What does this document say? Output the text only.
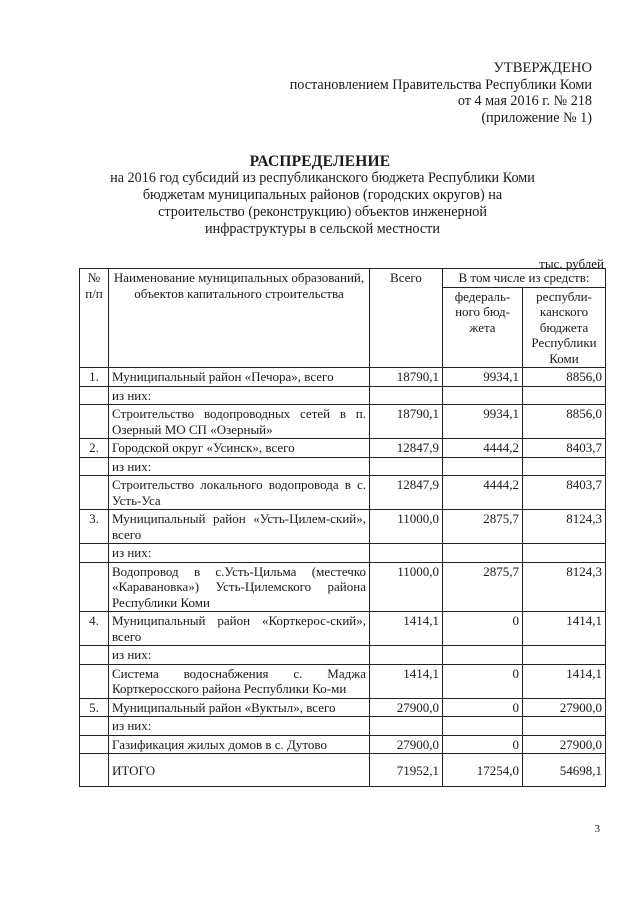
УТВЕРЖДЕНО
постановлением Правительства Республики Коми
от 4 мая 2016 г. № 218
(приложение № 1)
РАСПРЕДЕЛЕНИЕ
на 2016 год субсидий из республиканского бюджета Республики Коми бюджетам муниципальных районов (городских округов) на строительство (реконструкцию) объектов инженерной инфраструктуры в сельской местности
тыс. рублей
№ п/п	Наименование муниципальных образований, объектов капитального строительства	Всего	В том числе из средств:	
			федераль-ного бюд-жета	республи-канского бюджета Республики Коми
1.	Муниципальный район «Печора», всего	18790,1	9934,1	8856,0
	из них:			
	Строительство водопроводных сетей в п. Озерный МО СП «Озерный»	18790,1	9934,1	8856,0
2.	Городской округ «Усинск», всего	12847,9	4444,2	8403,7
	из них:			
	Строительство локального водопровода в с. Усть-Уса	12847,9	4444,2	8403,7
3.	Муниципальный район «Усть-Цилем-ский», всего	11000,0	2875,7	8124,3
	из них:			
	Водопровод в с.Усть-Цильма (местечко «Каравановка») Усть-Цилемского района Республики Коми	11000,0	2875,7	8124,3
4.	Муниципальный район «Корткерос-ский», всего	1414,1	0	1414,1
	из них:			
	Система водоснабжения с. Маджа Корткеросского района Республики Ко-ми	1414,1	0	1414,1
5.	Муниципальный район «Вуктыл», всего	27900,0	0	27900,0
	из них:			
	Газификация жилых домов в с. Дутово	27900,0	0	27900,0
	ИТОГО	71952,1	17254,0	54698,1
3
